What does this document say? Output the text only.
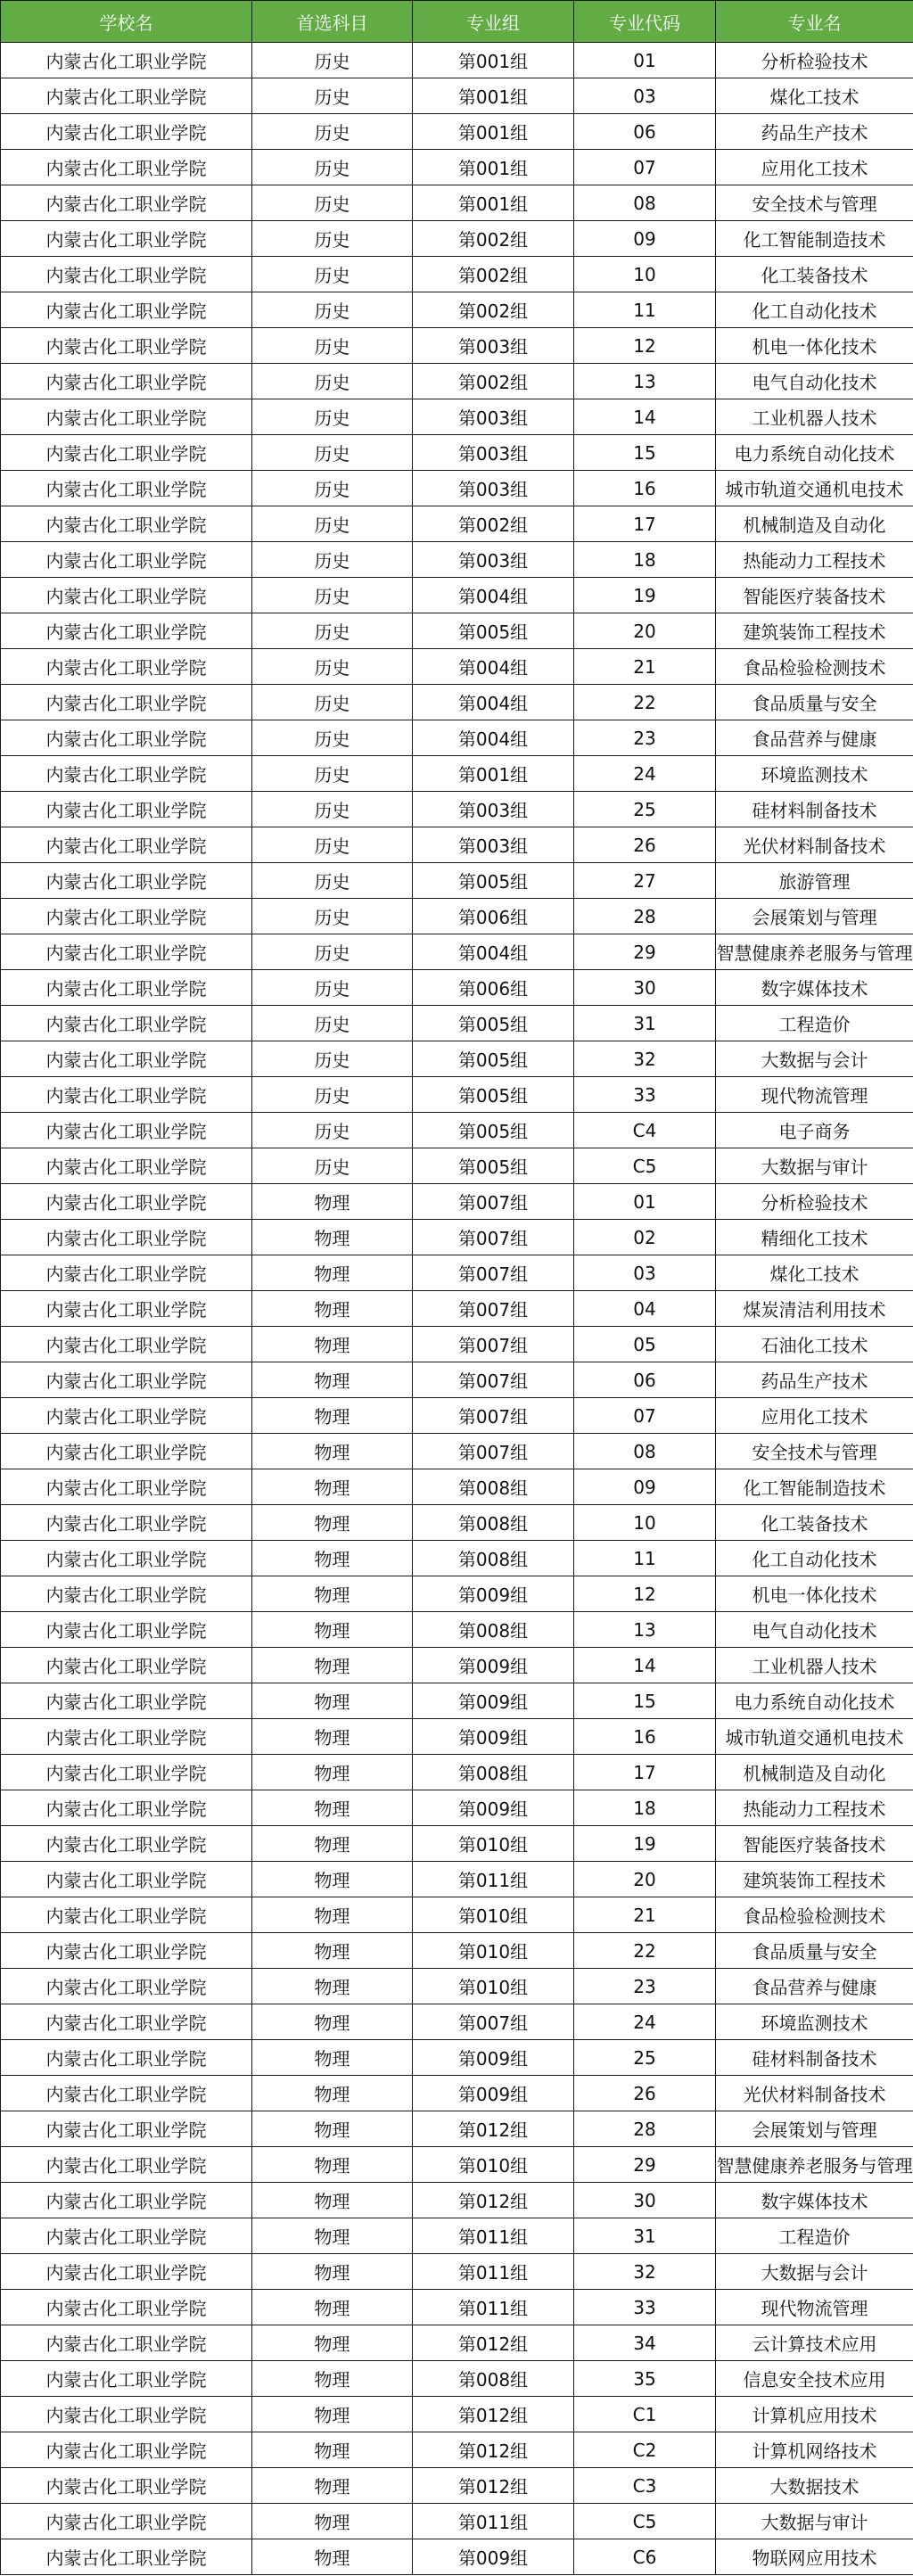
学校名	首选科目	专业组	专业代码	专业名
内蒙古化工职业学院	历史	第001组	01	分析检验技术
内蒙古化工职业学院	历史	第001组	03	煤化工技术
内蒙古化工职业学院	历史	第001组	06	药品生产技术
内蒙古化工职业学院	历史	第001组	07	应用化工技术
内蒙古化工职业学院	历史	第001组	08	安全技术与管理
内蒙古化工职业学院	历史	第002组	09	化工智能制造技术
内蒙古化工职业学院	历史	第002组	10	化工装备技术
内蒙古化工职业学院	历史	第002组	11	化工自动化技术
内蒙古化工职业学院	历史	第003组	12	机电一体化技术
内蒙古化工职业学院	历史	第002组	13	电气自动化技术
内蒙古化工职业学院	历史	第003组	14	工业机器人技术
内蒙古化工职业学院	历史	第003组	15	电力系统自动化技术
内蒙古化工职业学院	历史	第003组	16	城市轨道交通机电技术
内蒙古化工职业学院	历史	第002组	17	机械制造及自动化
内蒙古化工职业学院	历史	第003组	18	热能动力工程技术
内蒙古化工职业学院	历史	第004组	19	智能医疗装备技术
内蒙古化工职业学院	历史	第005组	20	建筑装饰工程技术
内蒙古化工职业学院	历史	第004组	21	食品检验检测技术
内蒙古化工职业学院	历史	第004组	22	食品质量与安全
内蒙古化工职业学院	历史	第004组	23	食品营养与健康
内蒙古化工职业学院	历史	第001组	24	环境监测技术
内蒙古化工职业学院	历史	第003组	25	硅材料制备技术
内蒙古化工职业学院	历史	第003组	26	光伏材料制备技术
内蒙古化工职业学院	历史	第005组	27	旅游管理
内蒙古化工职业学院	历史	第006组	28	会展策划与管理
内蒙古化工职业学院	历史	第004组	29	智慧健康养老服务与管理
内蒙古化工职业学院	历史	第006组	30	数字媒体技术
内蒙古化工职业学院	历史	第005组	31	工程造价
内蒙古化工职业学院	历史	第005组	32	大数据与会计
内蒙古化工职业学院	历史	第005组	33	现代物流管理
内蒙古化工职业学院	历史	第005组	C4	电子商务
内蒙古化工职业学院	历史	第005组	C5	大数据与审计
内蒙古化工职业学院	物理	第007组	01	分析检验技术
内蒙古化工职业学院	物理	第007组	02	精细化工技术
内蒙古化工职业学院	物理	第007组	03	煤化工技术
内蒙古化工职业学院	物理	第007组	04	煤炭清洁利用技术
内蒙古化工职业学院	物理	第007组	05	石油化工技术
内蒙古化工职业学院	物理	第007组	06	药品生产技术
内蒙古化工职业学院	物理	第007组	07	应用化工技术
内蒙古化工职业学院	物理	第007组	08	安全技术与管理
内蒙古化工职业学院	物理	第008组	09	化工智能制造技术
内蒙古化工职业学院	物理	第008组	10	化工装备技术
内蒙古化工职业学院	物理	第008组	11	化工自动化技术
内蒙古化工职业学院	物理	第009组	12	机电一体化技术
内蒙古化工职业学院	物理	第008组	13	电气自动化技术
内蒙古化工职业学院	物理	第009组	14	工业机器人技术
内蒙古化工职业学院	物理	第009组	15	电力系统自动化技术
内蒙古化工职业学院	物理	第009组	16	城市轨道交通机电技术
内蒙古化工职业学院	物理	第008组	17	机械制造及自动化
内蒙古化工职业学院	物理	第009组	18	热能动力工程技术
内蒙古化工职业学院	物理	第010组	19	智能医疗装备技术
内蒙古化工职业学院	物理	第011组	20	建筑装饰工程技术
内蒙古化工职业学院	物理	第010组	21	食品检验检测技术
内蒙古化工职业学院	物理	第010组	22	食品质量与安全
内蒙古化工职业学院	物理	第010组	23	食品营养与健康
内蒙古化工职业学院	物理	第007组	24	环境监测技术
内蒙古化工职业学院	物理	第009组	25	硅材料制备技术
内蒙古化工职业学院	物理	第009组	26	光伏材料制备技术
内蒙古化工职业学院	物理	第012组	28	会展策划与管理
内蒙古化工职业学院	物理	第010组	29	智慧健康养老服务与管理
内蒙古化工职业学院	物理	第012组	30	数字媒体技术
内蒙古化工职业学院	物理	第011组	31	工程造价
内蒙古化工职业学院	物理	第011组	32	大数据与会计
内蒙古化工职业学院	物理	第011组	33	现代物流管理
内蒙古化工职业学院	物理	第012组	34	云计算技术应用
内蒙古化工职业学院	物理	第008组	35	信息安全技术应用
内蒙古化工职业学院	物理	第012组	C1	计算机应用技术
内蒙古化工职业学院	物理	第012组	C2	计算机网络技术
内蒙古化工职业学院	物理	第012组	C3	大数据技术
内蒙古化工职业学院	物理	第011组	C5	大数据与审计
内蒙古化工职业学院	物理	第009组	C6	物联网应用技术
